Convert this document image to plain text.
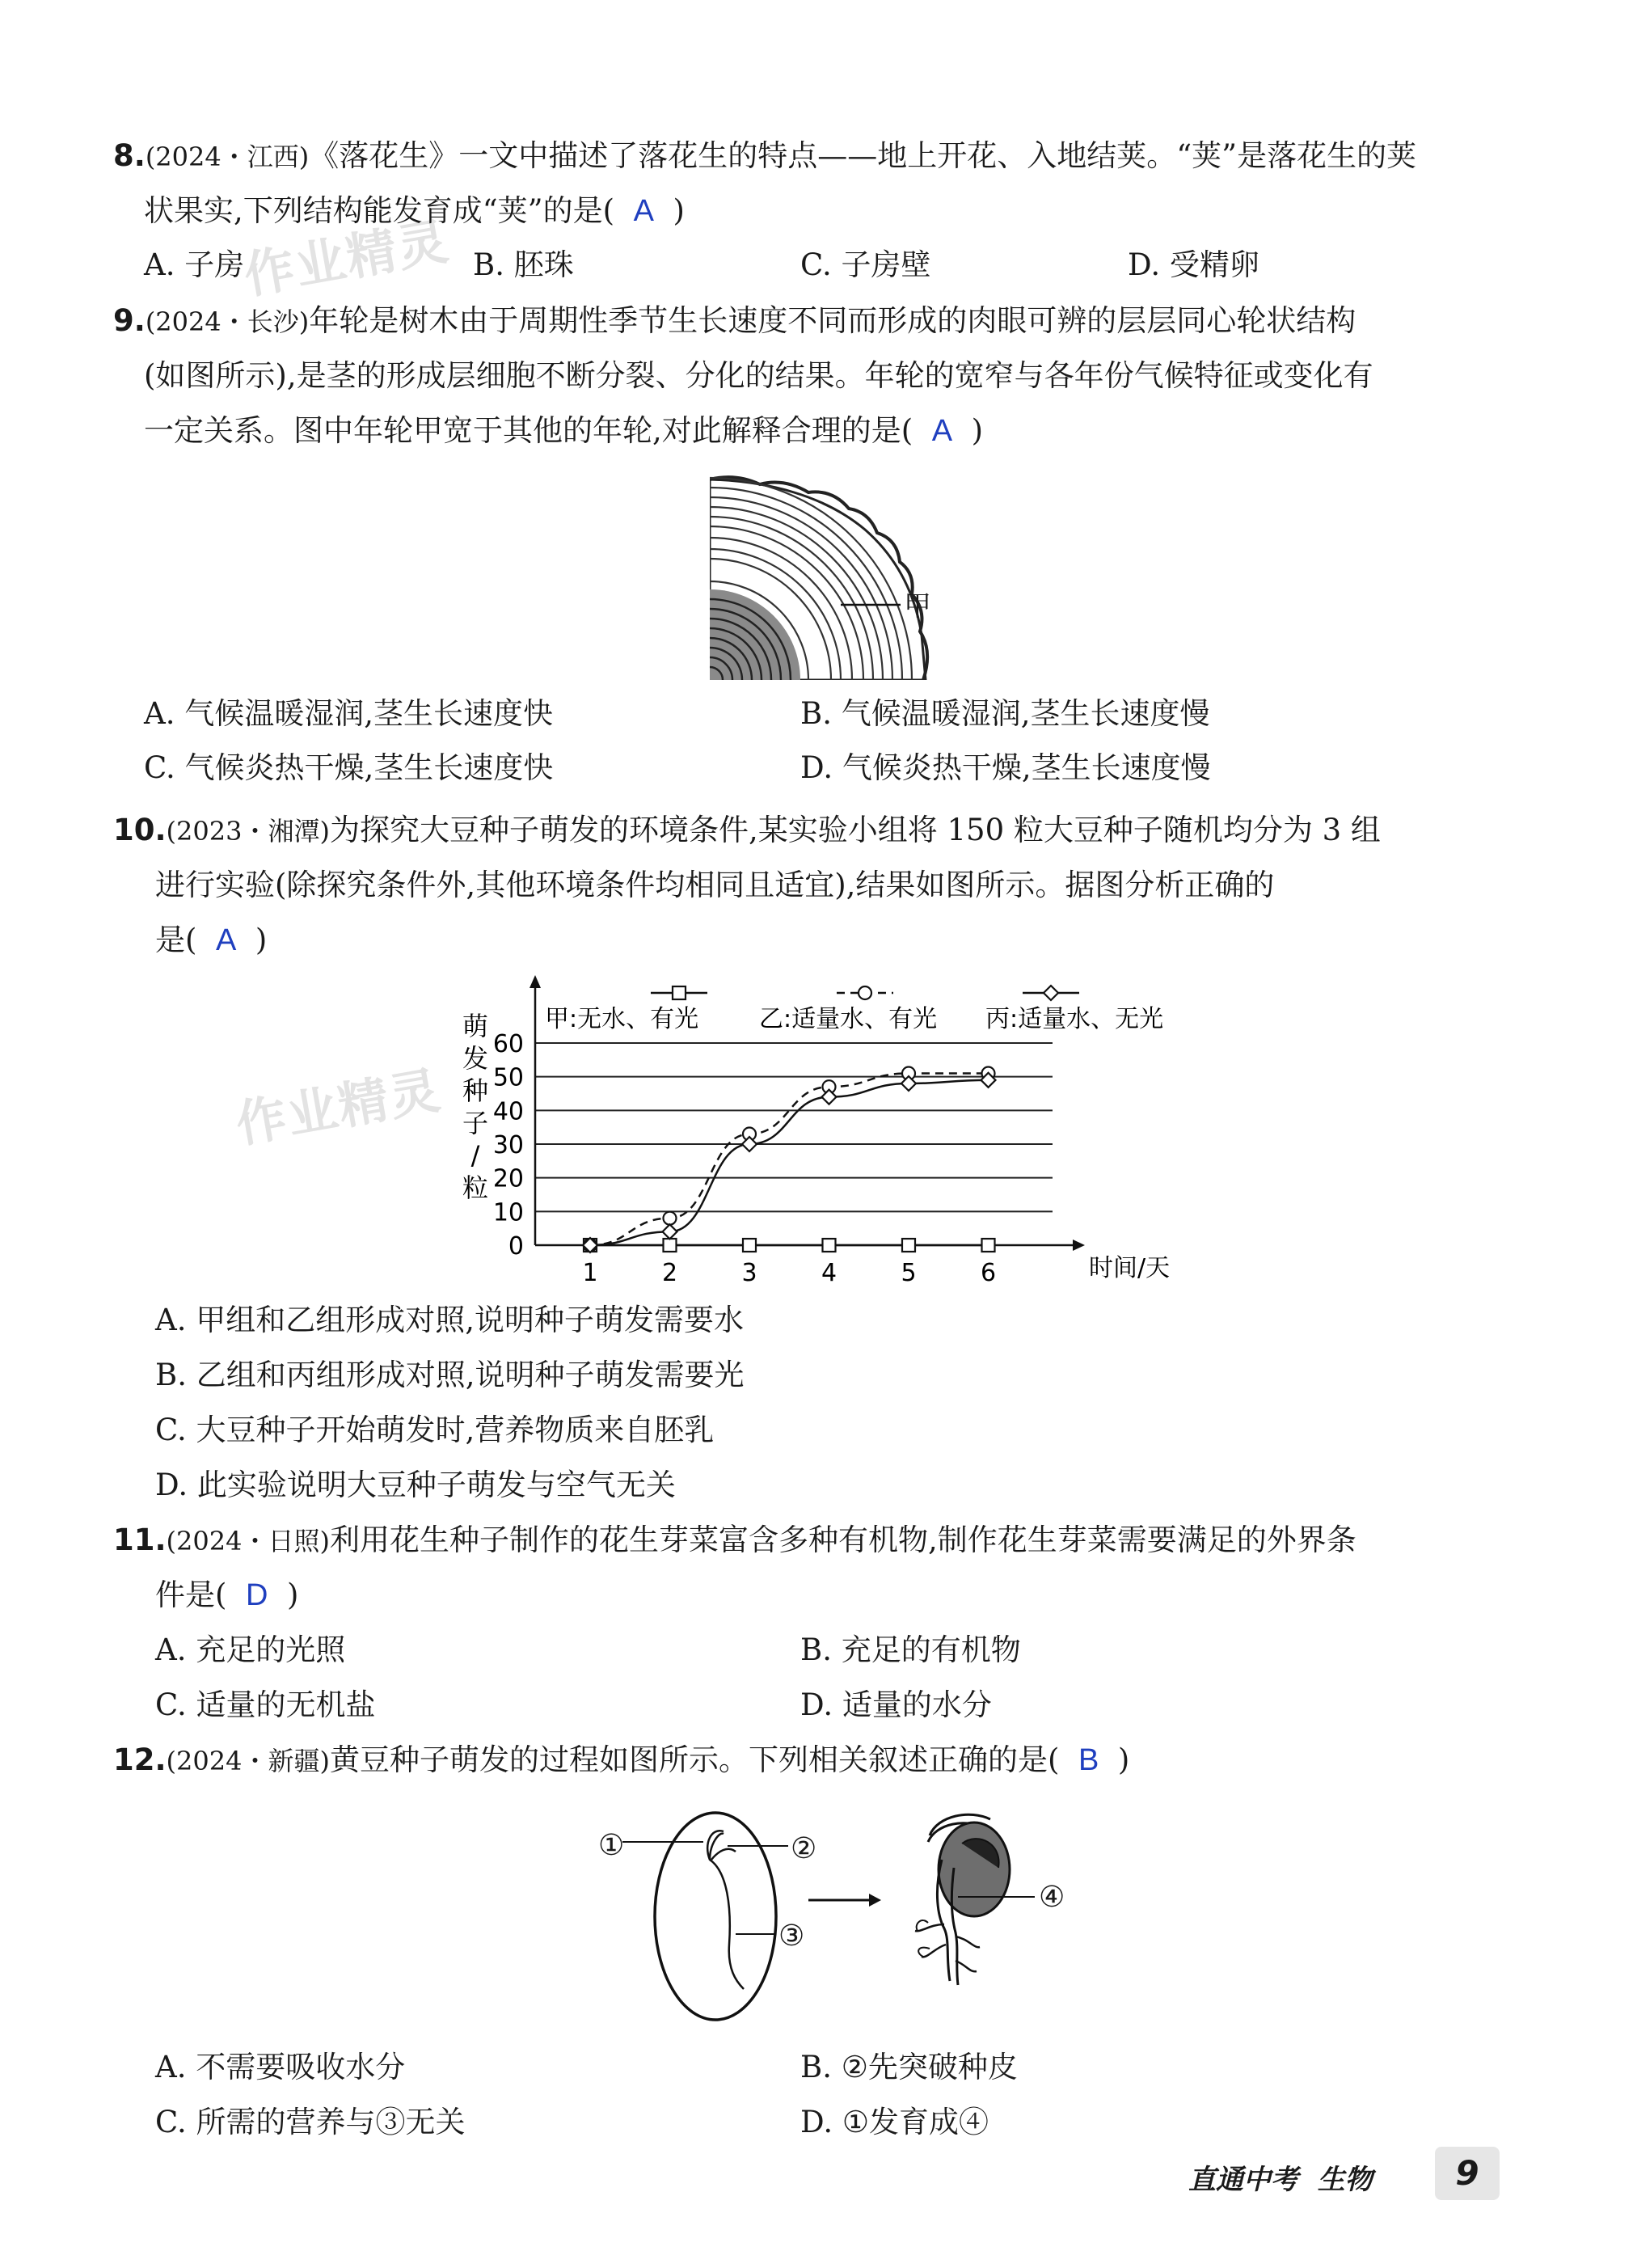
作业精灵
作业精灵
8.(2024・江西)《落花生》一文中描述了落花生的特点——地上开花、入地结荚。“荚”是落花生的荚
状果实,下列结构能发育成“荚”的是( A )
A. 子房	B. 胚珠	C. 子房壁	D. 受精卵
9.(2024・长沙)年轮是树木由于周期性季节生长速度不同而形成的肉眼可辨的层层同心轮状结构
(如图所示),是茎的形成层细胞不断分裂、分化的结果。年轮的宽窄与各年份气候特征或变化有
一定关系。图中年轮甲宽于其他的年轮,对此解释合理的是( A )
甲
A. 气候温暖湿润,茎生长速度快	B. 气候温暖湿润,茎生长速度慢
C. 气候炎热干燥,茎生长速度快	D. 气候炎热干燥,茎生长速度慢
10.(2023・湘潭)为探究大豆种子萌发的环境条件,某实验小组将 150 粒大豆种子随机均分为 3 组
进行实验(除探究条件外,其他环境条件均相同且适宜),结果如图所示。据图分析正确的
是( A )
0
10
20
30
40
50
60
1	2	3	4	5	6	时间/天
萌
发
种
子
/
粒
甲:无水、有光 乙:适量水、有光 丙:适量水、无光
A. 甲组和乙组形成对照,说明种子萌发需要水
B. 乙组和丙组形成对照,说明种子萌发需要光
C. 大豆种子开始萌发时,营养物质来自胚乳
D. 此实验说明大豆种子萌发与空气无关
11.(2024・日照)利用花生种子制作的花生芽菜富含多种有机物,制作花生芽菜需要满足的外界条
件是( D )
A. 充足的光照	B. 充足的有机物
C. 适量的无机盐	D. 适量的水分
12.(2024・新疆)黄豆种子萌发的过程如图所示。下列相关叙述正确的是( B )
①	②
③
④
A. 不需要吸收水分	B. ②先突破种皮
C. 所需的营养与③无关	D. ①发育成④
直通中考 生物	9
